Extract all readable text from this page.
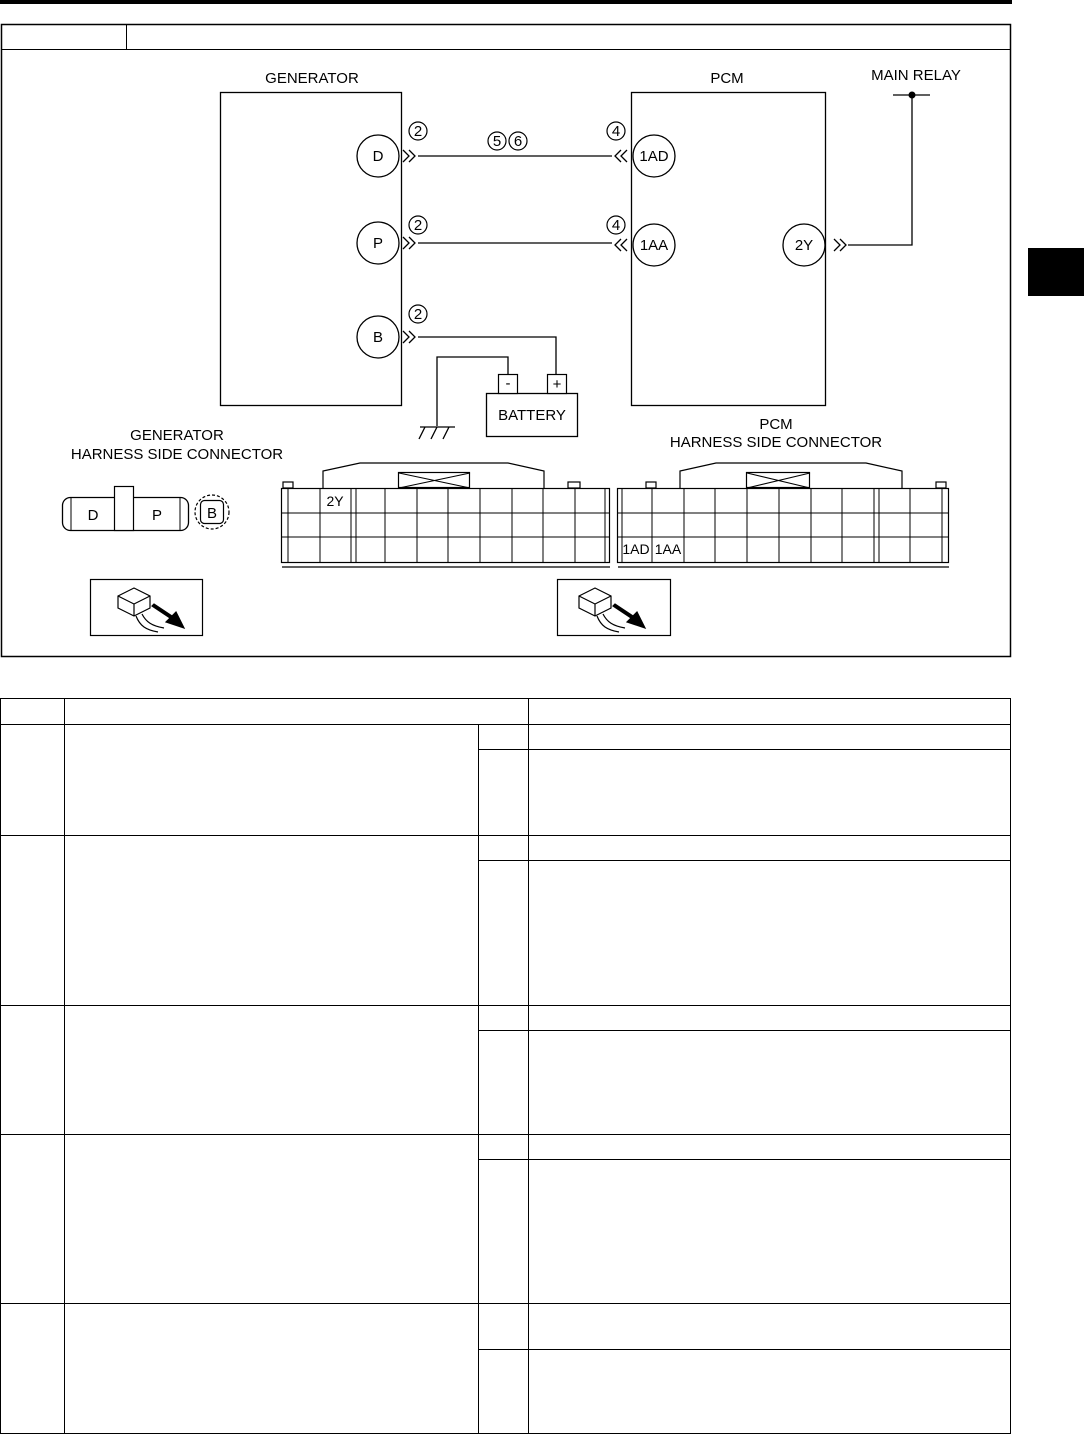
GENERATOR
D
P
B
PCM
1AD
1AA	2Y
MAIN RELAY
2
2
2
4
4
5 6
-	+
BATTERY
GENERATOR
HARNESS SIDE CONNECTOR
D	P	B
PCM
HARNESS SIDE CONNECTOR
2Y
1AD 1AA
